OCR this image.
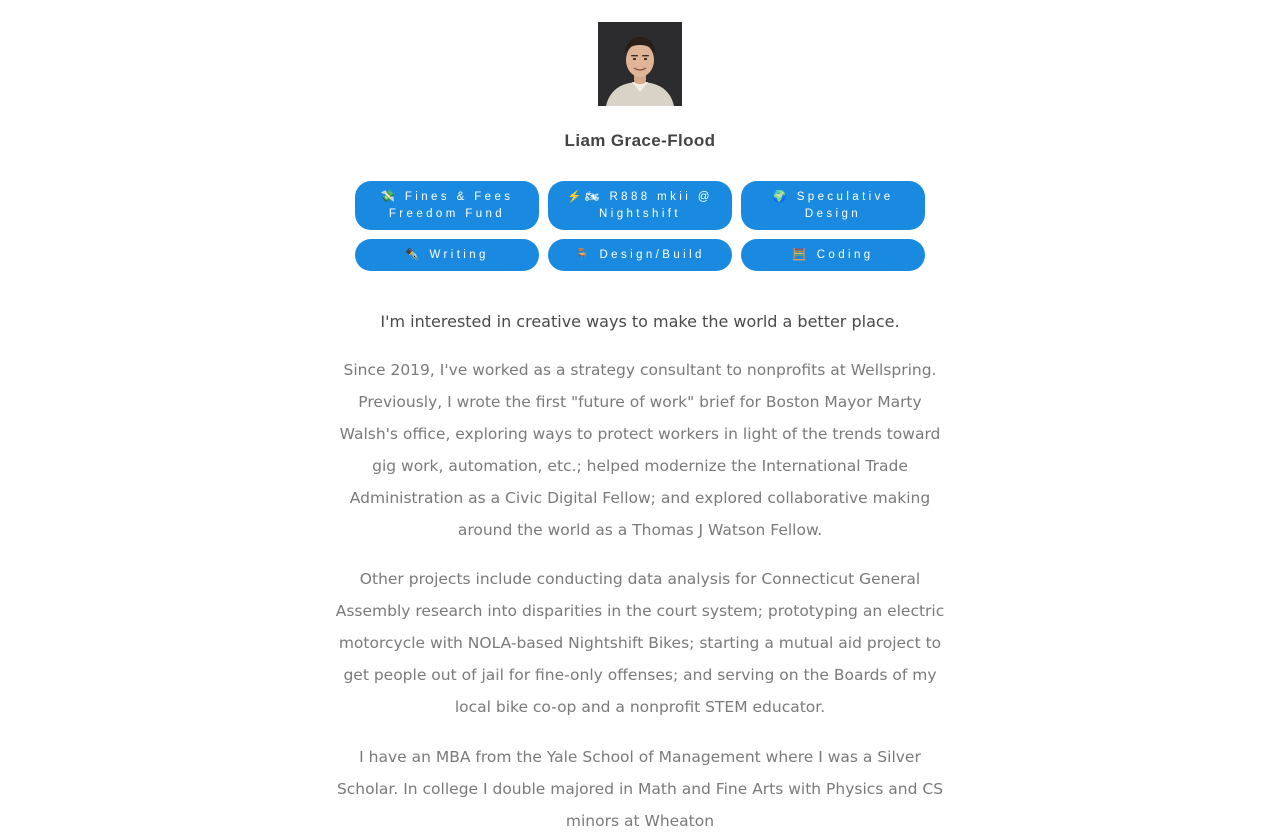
Liam Grace-Flood
💸 Fines & Fees Freedom Fund
⚡🏍 R888 mkii @ Nightshift
🌍 Speculative Design
✒️ Writing	🪑 Design/Build	🧮 Coding
I'm interested in creative ways to make the world a better place.

Since 2019, I've worked as a strategy consultant to nonprofits at Wellspring. Previously, I wrote the first "future of work" brief for Boston Mayor Marty Walsh's office, exploring ways to protect workers in light of the trends toward gig work, automation, etc.; helped modernize the International Trade Administration as a Civic Digital Fellow; and explored collaborative making around the world as a Thomas J Watson Fellow.

Other projects include conducting data analysis for Connecticut General Assembly research into disparities in the court system; prototyping an electric motorcycle with NOLA-based Nightshift Bikes; starting a mutual aid project to get people out of jail for fine-only offenses; and serving on the Boards of my local bike co-op and a nonprofit STEM educator.

I have an MBA from the Yale School of Management where I was a Silver Scholar. In college I double majored in Math and Fine Arts with Physics and CS minors at Wheaton
